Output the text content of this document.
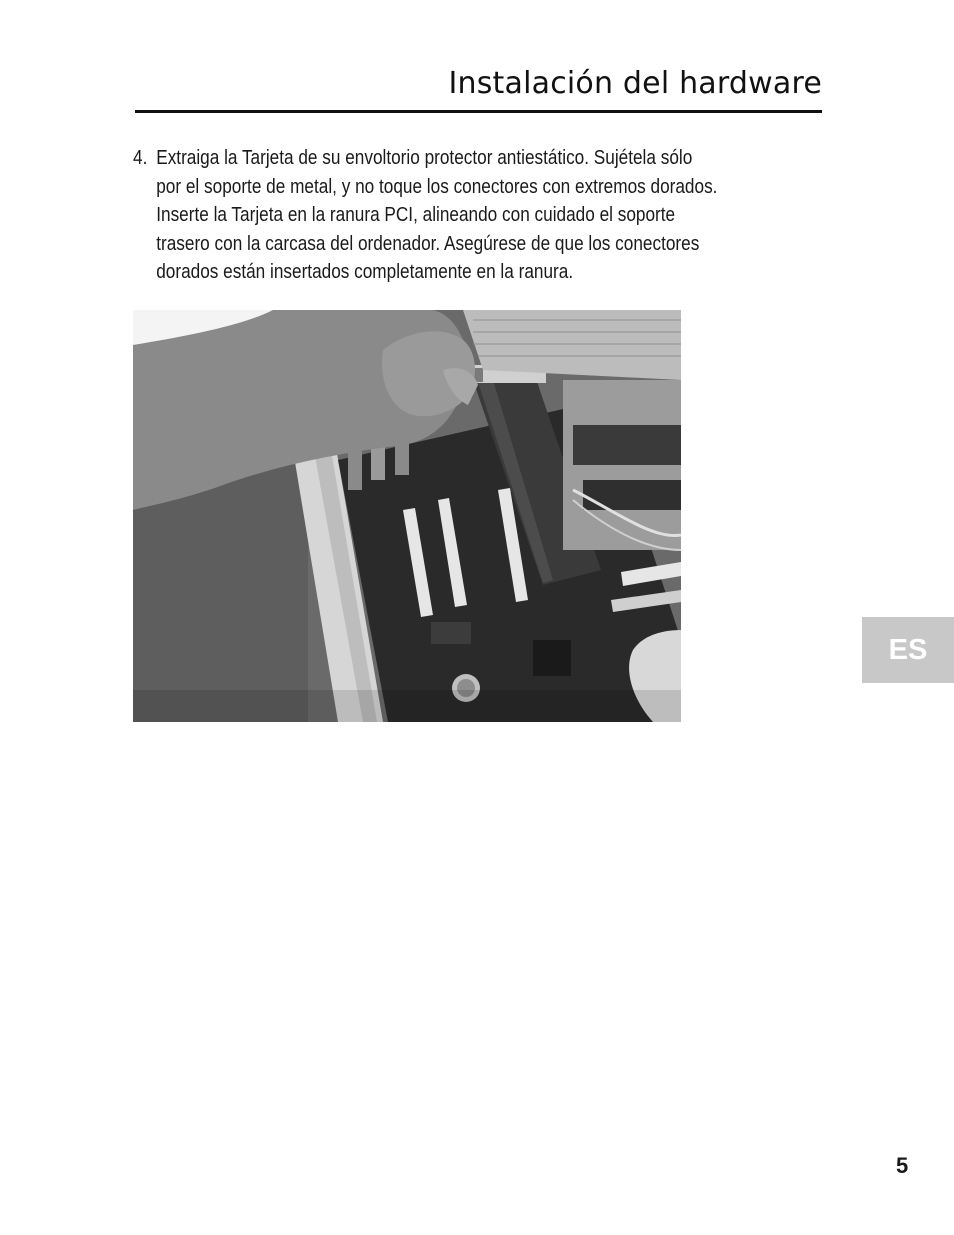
Instalación del hardware
4. Extraiga la Tarjeta de su envoltorio protector antiestático. Sujétela sólo
por el soporte de metal, y no toque los conectores con extremos dorados.
Inserte la Tarjeta en la ranura PCI, alineando con cuidado el soporte
trasero con la carcasa del ordenador. Asegúrese de que los conectores
dorados están insertados completamente en la ranura.
ES
5
